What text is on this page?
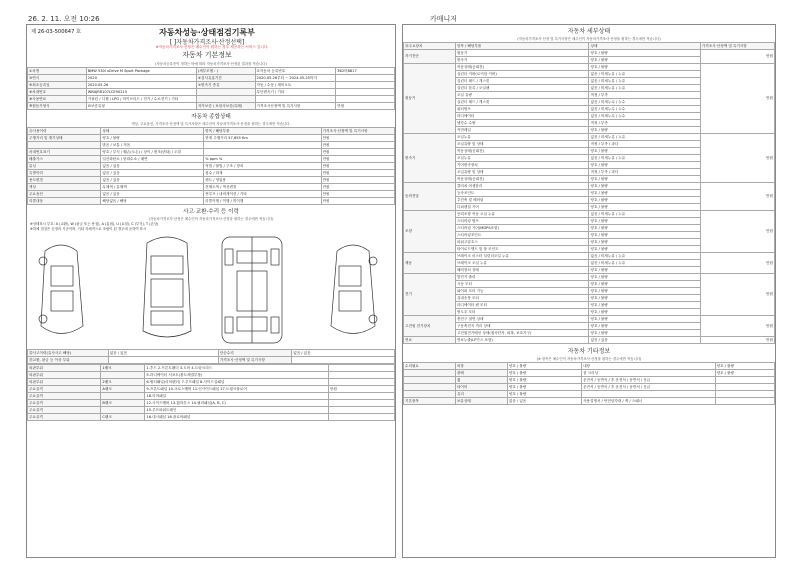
26. 2. 11. 오전 10:26	카매니저
제 26-03-500647 호	자동차성능·상태점검기록부
[ ]자동차가격조사·산정선택]
※자동차가격조사·산정은 매수인이 원하는 경우 제공하는 서비스 입니다.
자동차 기본정보
(자동차등록증이 정하는 바에 따라 자동차가격조사·산정된 결과를 적습니다)
①차명	BMW 530i xDrive M Sport Package	(세부모델 : )	②자동차 등록번호	362머8817
③연식	2020	④검사유효기간	2020.05.26부터 ~ 2024.05.25까지	
⑤최초등록일	2020.05.26	⑦변속기 종류	자동 / 수동 / 세미오토	
⑥차대번호	WBAJR8107LCE90215		무단변속기 / 기타	
⑧사용연료	가솔린 / 디젤 / LPG / 하이브리드 / 전기 / 수소전기 / 기타			
⑨원동기형식	⑩보증유형	자가보증 / 보험사보증(특례)	가격조사산정액 및 특기사항	만원
자동차 종합상태
색상, 주요옵션, 가격조사·산정액 및 특기사항은 매수인이 자동차가격조사·산정을 원하는 경우에만 적습니다.
⑪사용이력	상태	항목 / 해당부품	가격조사·산정액 및 특기사항
주행거리 및 계기상태	양호 / 불량	현재 주행거리 57,655 Km	만원
	많음 / 보통 / 적음		만원
차대번호표기	양호 / 부식 / 훼손(오손) / 상이 / 변조(변타) / 도말		만원
배출가스	일산화탄소 / 탄화수소 / 매연	% ppm %	만원
튜닝	없음 / 있음	적법 / 불법 / 구조 / 장치	만원
특별이력	없음 / 있음	침수 / 화재	만원
용도변경	없음 / 있음	렌트 / 영업용	만원
색상	무채색 / 유채색	전체도색 / 색상변경	만원
주요옵션	없음 / 있음	썬루프 / 네비게이션 / 기타	만원
리콜대상	해당없음 / 해당	리콜이행 / 이행 / 미이행	만원
사고·교환·수리 등 이력
(자동차가격조사·산정은 매수인이 자동차가격조사·산정을 원하는 경우에만 적습니다)
※상태표시 부호: X (교환), W (판금 또는 용접), A (흠집), U (요철), C (부식), T (손상)
※하체 점검은 순정의 기준이며, 기타 자체적으로 조립이 된 경우에 준하여 표시
⑫사고이력(유사사고 해당)	없음 / 있음	단순수리	없음 / 있음
⑬교환, 판금 등 이상 부위		가격조사·산정액 및 특기사항	
외판부위	1랭크	1.후드 2.프론트펜더 3.도어 4.트렁크리드	
외판부위		5.라디에이터 서포트(볼트체결부품)	
외판부위	2랭크	6.쿼터패널(리어펜더) 7.루프패널 8.사이드실패널	
주요골격	A랭크	9.프론트패널 10.크로스멤버 11.인사이드패널 17.트렁크플로어	만원
주요골격		18.리어패널	
주요골격	B랭크	12.사이드멤버 13.휠하우스 14.필러패널(A, B, C)	
주요골격		15.루프파워트레인	
주요골격	C랭크	16.대시패널 16.플로어패널	
자동차 세부상태
(자동차가격조사·산정 및 특기사항은 매수인이 자동차가격조사·산정을 원하는 경우에만 적습니다)
⑭주요장치	항목 / 해당부품	상태	가격조사·산정액 및 특기사항
자기진단	원동기	양호 / 불량	만원
	변속기	양호 / 불량	
원동기	작동상태(공회전)	양호 / 불량	만원
	실린더 커버(로커암 커버)	없음 / 미세누유 / 누유	
	실린더 헤드 / 개스킷	없음 / 미세누유 / 누유	
	실린더 블록 / 오일팬	없음 / 미세누유 / 누유	
	오일 유량	적정 / 부족	
	실린더 헤드 / 개스킷	없음 / 미세누수 / 누수	
	워터펌프	없음 / 미세누수 / 누수	
	라디에이터	없음 / 미세누수 / 누수	
	냉각수 수량	적정 / 부족	
	커먼레일	양호 / 불량	
변속기	오일누유	없음 / 미세누유 / 누유	만원
	오일유량 및 상태	적정 / 부족 / 과다	
	작동상태(공회전)	양호 / 불량	
	오일누유	없음 / 미세누유 / 누유	
	기어변속장치	양호 / 불량	
	오일유량 및 상태	적정 / 부족 / 과다	
	작동상태(공회전)	양호 / 불량	
동력전달	클러치 어셈블리	양호 / 불량	만원
	등속조인트	양호 / 불량	
	추진축 및 베어링	양호 / 불량	
	디퍼렌셜 기어	양호 / 불량	
조향	동력조향 작동 오일 누유	없음 / 미세누유 / 누유	만원
	스티어링 펌프	양호 / 불량	
	스티어링 기어(MDPS포함)	양호 / 불량	
	스티어링조인트	양호 / 불량	
	파워고압호스	양호 / 불량	
	타이로드엔드 및 볼 조인트	양호 / 불량	
제동	브레이크 마스터 실린더오일 누유	없음 / 미세누유 / 누유	만원
	브레이크 오일 누유	없음 / 미세누유 / 누유	
	배력장치 상태	양호 / 불량	
전기	발전기 출력	양호 / 불량	만원
	시동 모터	양호 / 불량	
	와이퍼 모터 기능	양호 / 불량	
	실내송풍 모터	양호 / 불량	
	라디에이터 팬 모터	양호 / 불량	
	윈도우 모터	양호 / 불량	
고전원 전기장치	충전구 절연 상태	양호 / 불량	만원
	구동축전지 격리 상태	양호 / 불량	
	고전원전기배선 상태(접속단자, 피복, 보호기구)	양호 / 불량	
연료	연료누출(LP가스 포함)	없음 / 있음	만원
자동차 기타정보
(※ 항목은 매수인이 자동차가격조사·산정을 원하는 경우에만 적습니다)
수리필요	외장	양호 / 불량	내장	양호 / 불량
	광택	양호 / 불량	룸 크리닝	양호 / 불량
	휠	양호 / 불량	운전석 / 동반석 / 후 운전석 / 동반석 / 응급	
	타이어	양호 / 불량	운전석 / 동반석 / 후 운전석 / 동반석 / 응급	
	유리	양호 / 불량		
기본품목	보유상태	없음 / 있음	사용설명서 / 안전삼각대 / 잭 / 스패너	
